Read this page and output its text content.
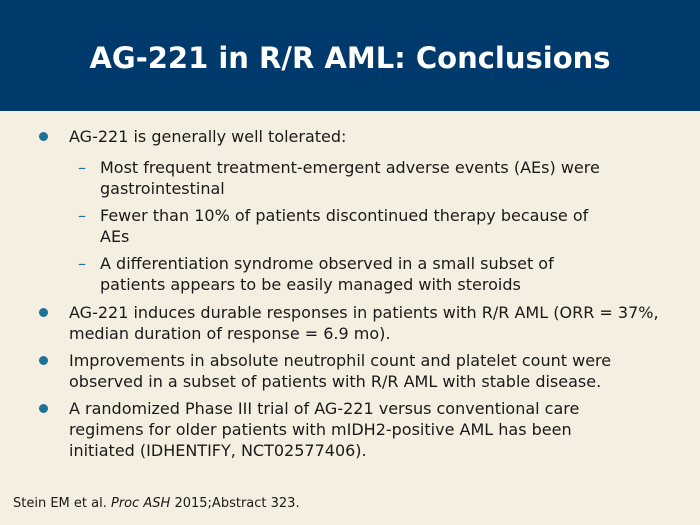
AG-221 in R/R AML: Conclusions
AG-221 is generally well tolerated:
– Most frequent treatment-emergent adverse events (AEs) were gastrointestinal
– Fewer than 10% of patients discontinued therapy because of AEs
– A differentiation syndrome observed in a small subset of patients appears to be easily managed with steroids
AG-221 induces durable responses in patients with R/R AML (ORR = 37%, median duration of response = 6.9 mo).
Improvements in absolute neutrophil count and platelet count were observed in a subset of patients with R/R AML with stable disease.
A randomized Phase III trial of AG-221 versus conventional care regimens for older patients with mIDH2-positive AML has been initiated (IDHENTIFY, NCT02577406).
Stein EM et al. Proc ASH 2015;Abstract 323.
